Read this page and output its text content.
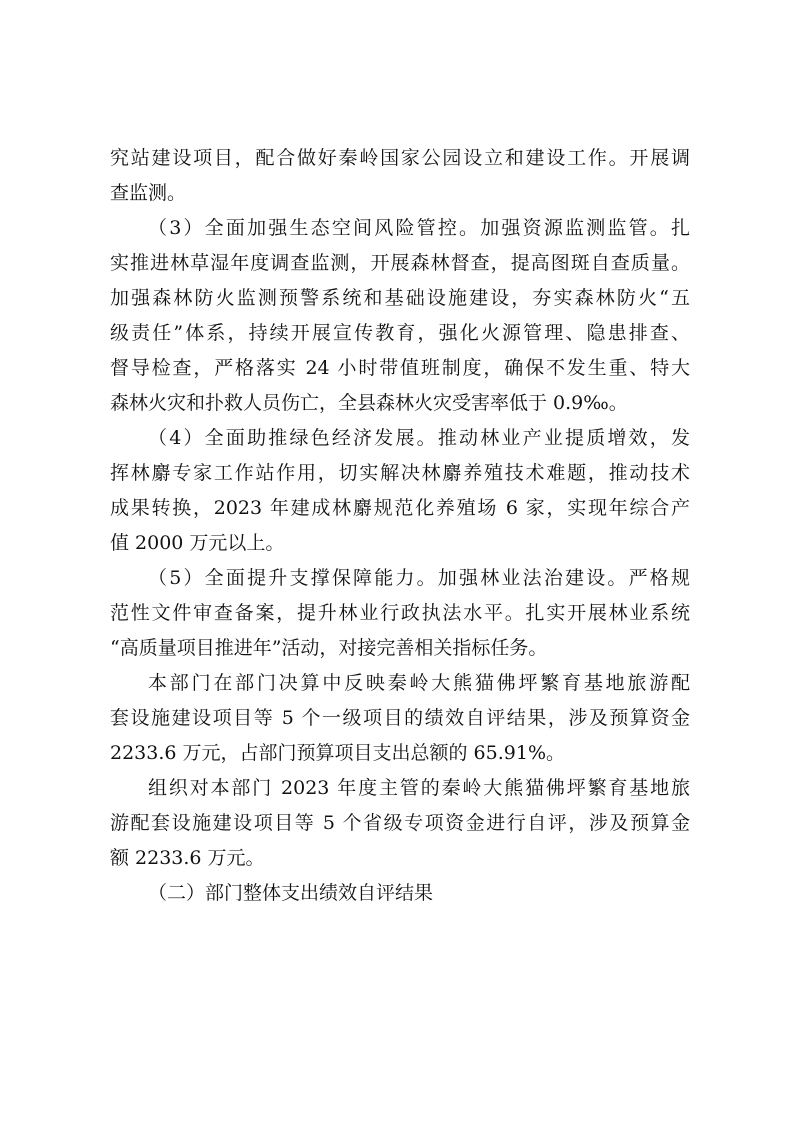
究站建设项目，配合做好秦岭国家公园设立和建设工作。开展调
查监测。
（3）全面加强生态空间风险管控。加强资源监测监管。扎
实推进林草湿年度调查监测，开展森林督查，提高图斑自查质量。
加强森林防火监测预警系统和基础设施建设，夯实森林防火“五
级责任”体系，持续开展宣传教育，强化火源管理、隐患排查、
督导检查，严格落实 24 小时带值班制度，确保不发生重、特大
森林火灾和扑救人员伤亡，全县森林火灾受害率低于 0.9‰。
（4）全面助推绿色经济发展。推动林业产业提质增效，发
挥林麝专家工作站作用，切实解决林麝养殖技术难题，推动技术
成果转换，2023 年建成林麝规范化养殖场 6 家，实现年综合产
值 2000 万元以上。
（5）全面提升支撑保障能力。加强林业法治建设。严格规
范性文件审查备案，提升林业行政执法水平。扎实开展林业系统
“高质量项目推进年”活动，对接完善相关指标任务。
本部门在部门决算中反映秦岭大熊猫佛坪繁育基地旅游配
套设施建设项目等 5 个一级项目的绩效自评结果，涉及预算资金
2233.6 万元，占部门预算项目支出总额的 65.91%。
组织对本部门 2023 年度主管的秦岭大熊猫佛坪繁育基地旅
游配套设施建设项目等 5 个省级专项资金进行自评，涉及预算金
额 2233.6 万元。
（二）部门整体支出绩效自评结果
